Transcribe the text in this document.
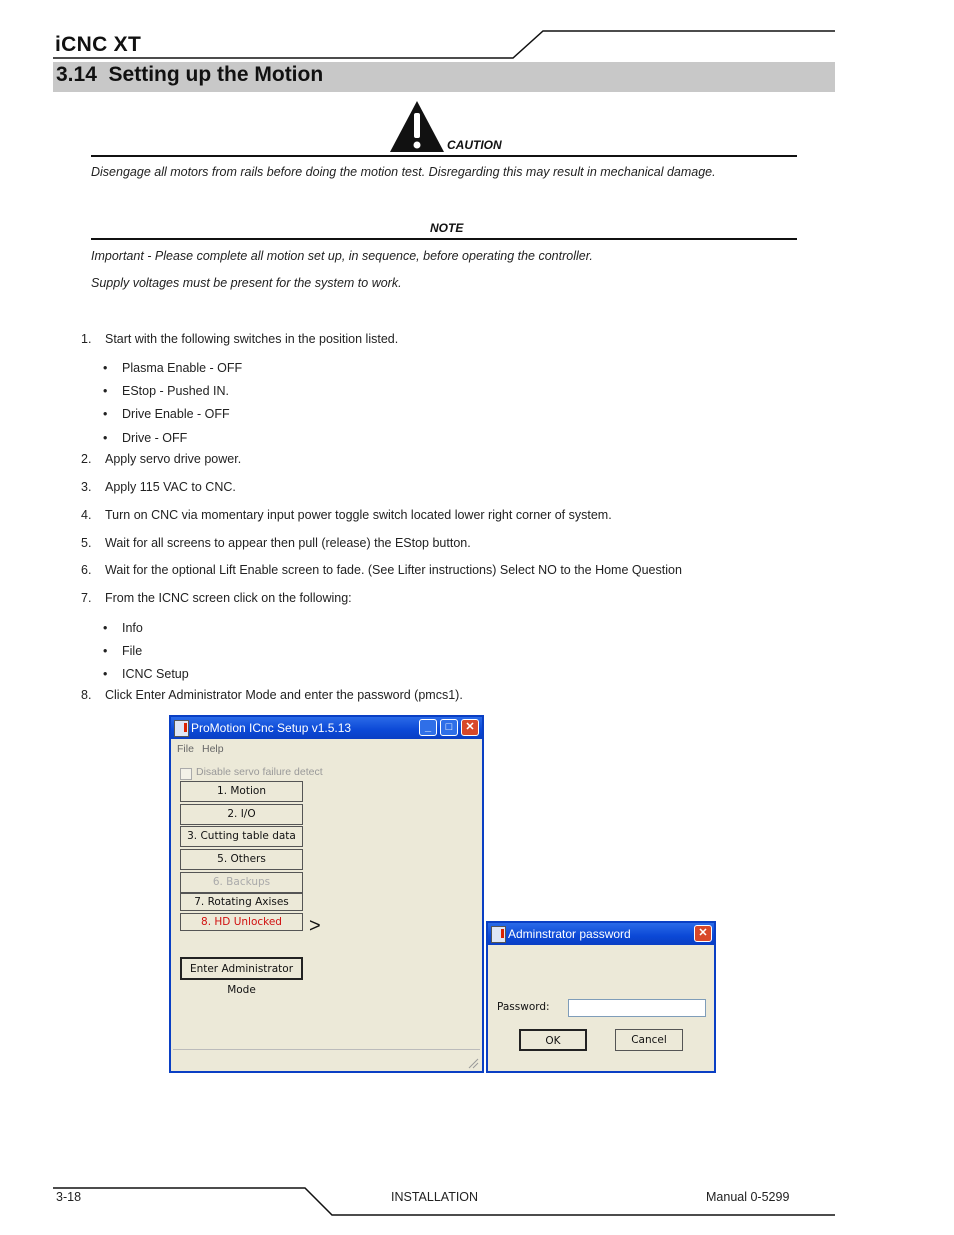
iCNC XT
3.14 Setting up the Motion
CAUTION
Disengage all motors from rails before doing the motion test. Disregarding this may result in mechanical damage.
NOTE
Important - Please complete all motion set up, in sequence, before operating the controller.
Supply voltages must be present for the system to work.
1. Start with the following switches in the position listed.
• Plasma Enable - OFF
• EStop - Pushed IN.
• Drive Enable - OFF
• Drive - OFF
2. Apply servo drive power.
3. Apply 115 VAC to CNC.
4. Turn on CNC via momentary input power toggle switch located lower right corner of system.
5. Wait for all screens to appear then pull (release) the EStop button.
6. Wait for the optional Lift Enable screen to fade. (See Lifter instructions) Select NO to the Home Question
7. From the ICNC screen click on the following:
• Info
• File
• ICNC Setup
8. Click Enter Administrator Mode and enter the password (pmcs1).
ProMotion ICnc Setup v1.5.13	_	□	✕
File Help
Disable servo failure detect
1. Motion
2. I/O
3. Cutting table data
5. Others
6. Backups
7. Rotating Axises
8. HD Unlocked	>
Enter Administrator Mode
Adminstrator password	✕
Password:
OK	Cancel
3-18	INSTALLATION	Manual 0-5299
